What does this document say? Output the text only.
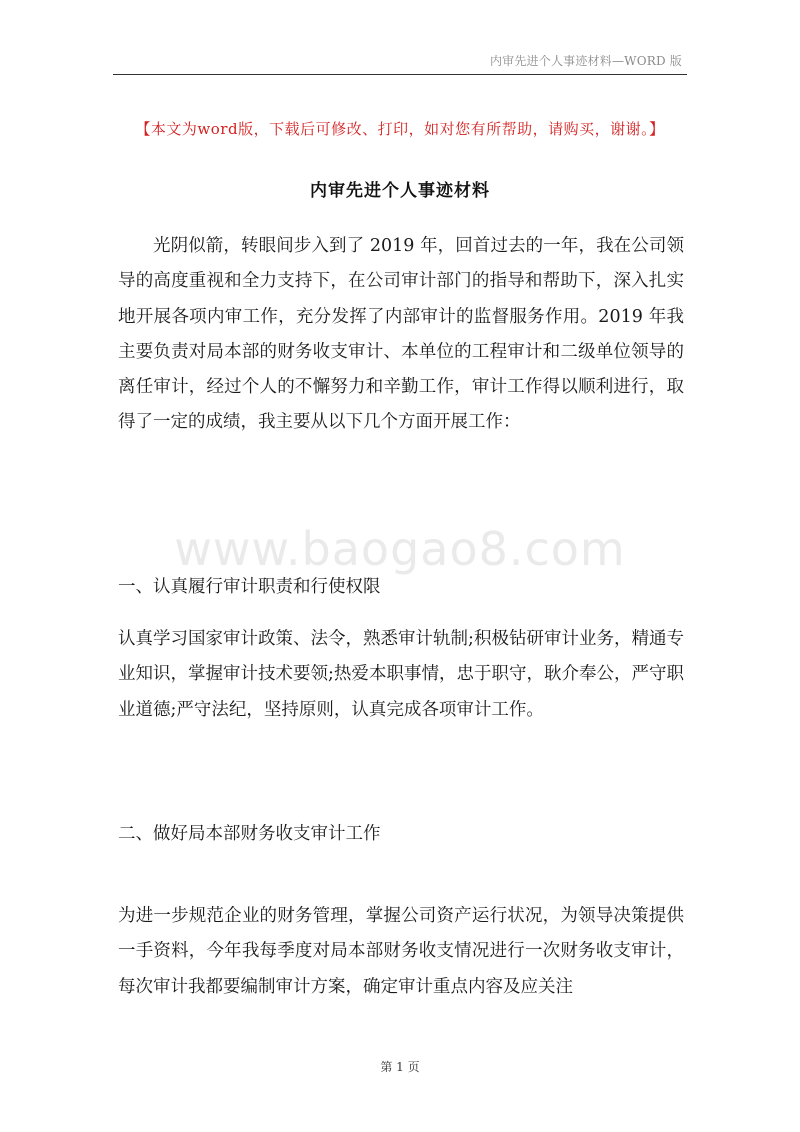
内审先进个人事迹材料—WORD 版
【本文为word版，下载后可修改、打印，如对您有所帮助，请购买，谢谢。】
内审先进个人事迹材料

光阴似箭，转眼间步入到了 2019 年，回首过去的一年，我在公司领导的高度重视和全力支持下，在公司审计部门的指导和帮助下，深入扎实地开展各项内审工作，充分发挥了内部审计的监督服务作用。2019 年我主要负责对局本部的财务收支审计、本单位的工程审计和二级单位领导的离任审计，经过个人的不懈努力和辛勤工作，审计工作得以顺利进行，取得了一定的成绩，我主要从以下几个方面开展工作：

www.baogao8.com

一、认真履行审计职责和行使权限

认真学习国家审计政策、法令，熟悉审计轨制;积极钻研审计业务，精通专业知识，掌握审计技术要领;热爱本职事情，忠于职守，耿介奉公，严守职业道德;严守法纪，坚持原则，认真完成各项审计工作。

二、做好局本部财务收支审计工作

为进一步规范企业的财务管理，掌握公司资产运行状况，为领导决策提供一手资料，今年我每季度对局本部财务收支情况进行一次财务收支审计，每次审计我都要编制审计方案，确定审计重点内容及应关注

第 1 页
